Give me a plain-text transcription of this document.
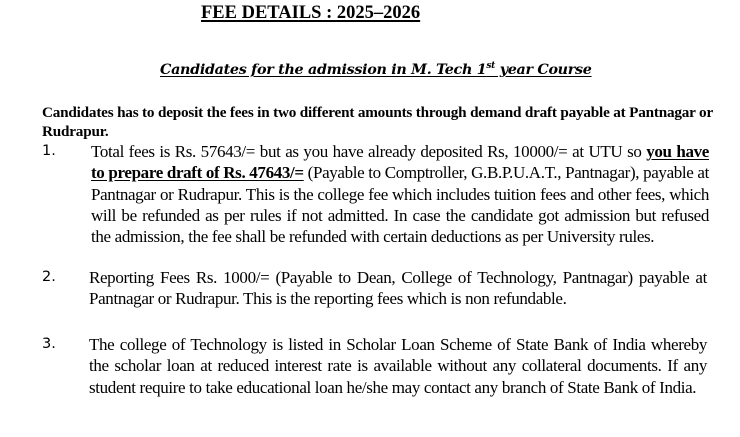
FEE DETAILS : 2025–2026
Candidates for the admission in M. Tech 1st year Course
Candidates has to deposit the fees in two different amounts through demand draft payable at Pantnagar or Rudrapur.
1. Total fees is Rs. 57643/= but as you have already deposited Rs, 10000/= at UTU so you have to prepare draft of Rs. 47643/= (Payable to Comptroller, G.B.P.U.A.T., Pantnagar), payable at Pantnagar or Rudrapur. This is the college fee which includes tuition fees and other fees, which will be refunded as per rules if not admitted. In case the candidate got admission but refused the admission, the fee shall be refunded with certain deductions as per University rules.
2. Reporting Fees Rs. 1000/= (Payable to Dean, College of Technology, Pantnagar) payable at Pantnagar or Rudrapur. This is the reporting fees which is non refundable.
3. The college of Technology is listed in Scholar Loan Scheme of State Bank of India whereby the scholar loan at reduced interest rate is available without any collateral documents. If any student require to take educational loan he/she may contact any branch of State Bank of India.
